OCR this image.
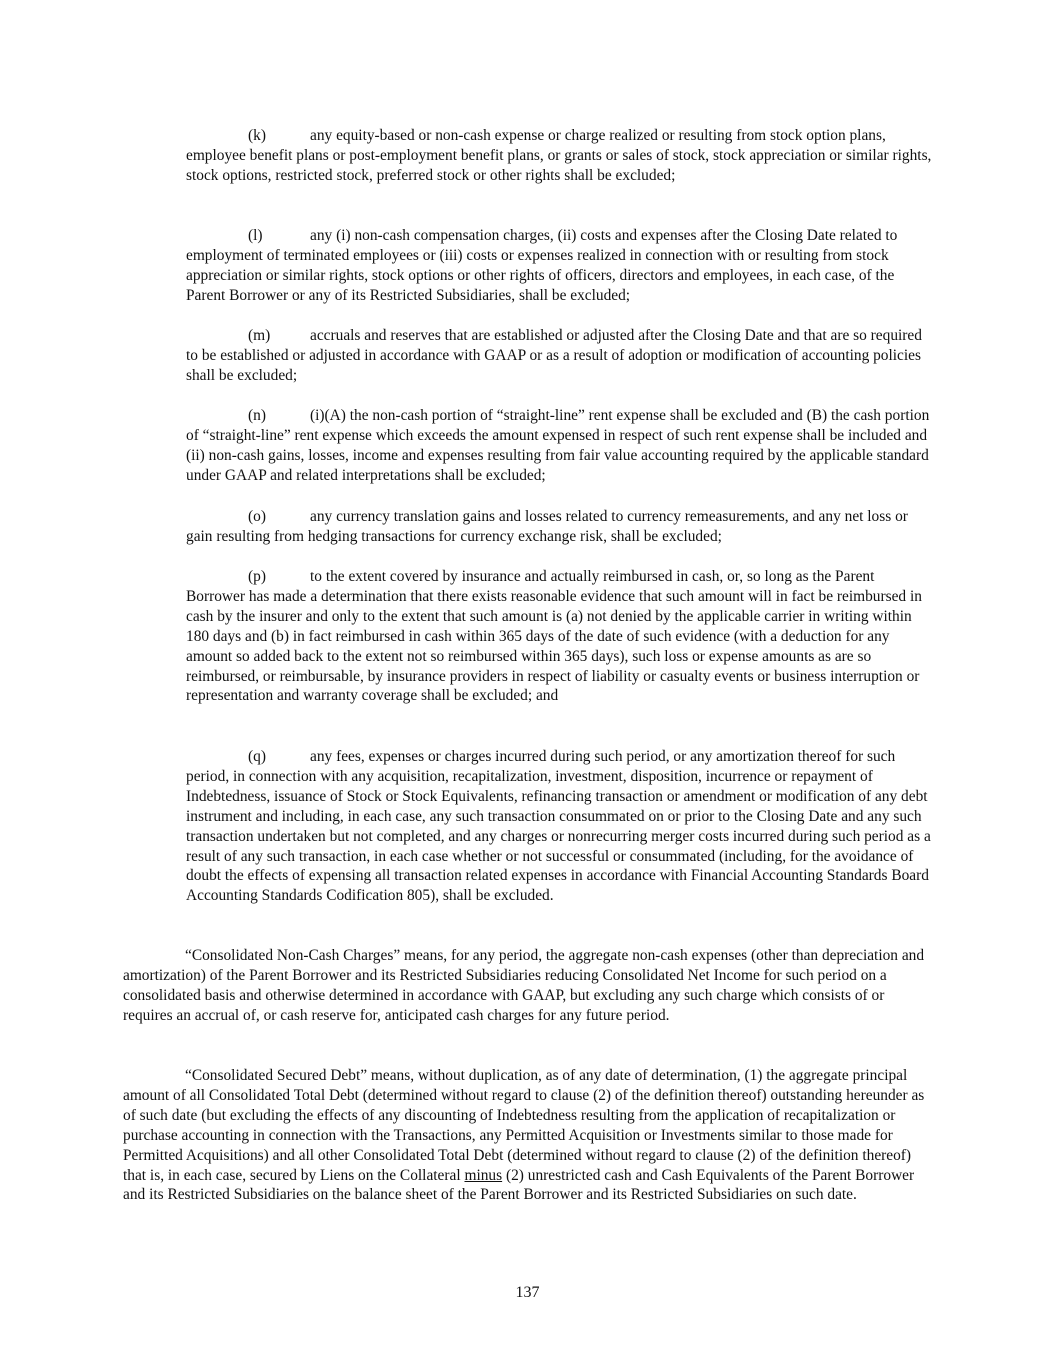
(k)	any equity-based or non-cash expense or charge realized or resulting from stock option plans, employee benefit plans or post-employment benefit plans, or grants or sales of stock, stock appreciation or similar rights, stock options, restricted stock, preferred stock or other rights shall be excluded;

(l)	any (i) non-cash compensation charges, (ii) costs and expenses after the Closing Date related to employment of terminated employees or (iii) costs or expenses realized in connection with or resulting from stock appreciation or similar rights, stock options or other rights of officers, directors and employees, in each case, of the Parent Borrower or any of its Restricted Subsidiaries, shall be excluded;

(m)	accruals and reserves that are established or adjusted after the Closing Date and that are so required to be established or adjusted in accordance with GAAP or as a result of adoption or modification of accounting policies shall be excluded;

(n)	(i)(A) the non-cash portion of “straight-line” rent expense shall be excluded and (B) the cash portion of “straight-line” rent expense which exceeds the amount expensed in respect of such rent expense shall be included and (ii) non-cash gains, losses, income and expenses resulting from fair value accounting required by the applicable standard under GAAP and related interpretations shall be excluded;

(o)	any currency translation gains and losses related to currency remeasurements, and any net loss or gain resulting from hedging transactions for currency exchange risk, shall be excluded;

(p)	to the extent covered by insurance and actually reimbursed in cash, or, so long as the Parent Borrower has made a determination that there exists reasonable evidence that such amount will in fact be reimbursed in cash by the insurer and only to the extent that such amount is (a) not denied by the applicable carrier in writing within 180 days and (b) in fact reimbursed in cash within 365 days of the date of such evidence (with a deduction for any amount so added back to the extent not so reimbursed within 365 days), such loss or expense amounts as are so reimbursed, or reimbursable, by insurance providers in respect of liability or casualty events or business interruption or representation and warranty coverage shall be excluded; and

(q)	any fees, expenses or charges incurred during such period, or any amortization thereof for such period, in connection with any acquisition, recapitalization, investment, disposition, incurrence or repayment of Indebtedness, issuance of Stock or Stock Equivalents, refinancing transaction or amendment or modification of any debt instrument and including, in each case, any such transaction consummated on or prior to the Closing Date and any such transaction undertaken but not completed, and any charges or nonrecurring merger costs incurred during such period as a result of any such transaction, in each case whether or not successful or consummated (including, for the avoidance of doubt the effects of expensing all transaction related expenses in accordance with Financial Accounting Standards Board Accounting Standards Codification 805), shall be excluded.

“Consolidated Non-Cash Charges” means, for any period, the aggregate non-cash expenses (other than depreciation and amortization) of the Parent Borrower and its Restricted Subsidiaries reducing Consolidated Net Income for such period on a consolidated basis and otherwise determined in accordance with GAAP, but excluding any such charge which consists of or requires an accrual of, or cash reserve for, anticipated cash charges for any future period.

“Consolidated Secured Debt” means, without duplication, as of any date of determination, (1) the aggregate principal amount of all Consolidated Total Debt (determined without regard to clause (2) of the definition thereof) outstanding hereunder as of such date (but excluding the effects of any discounting of Indebtedness resulting from the application of recapitalization or purchase accounting in connection with the Transactions, any Permitted Acquisition or Investments similar to those made for Permitted Acquisitions) and all other Consolidated Total Debt (determined without regard to clause (2) of the definition thereof) that is, in each case, secured by Liens on the Collateral minus (2) unrestricted cash and Cash Equivalents of the Parent Borrower and its Restricted Subsidiaries on the balance sheet of the Parent Borrower and its Restricted Subsidiaries on such date.

137
